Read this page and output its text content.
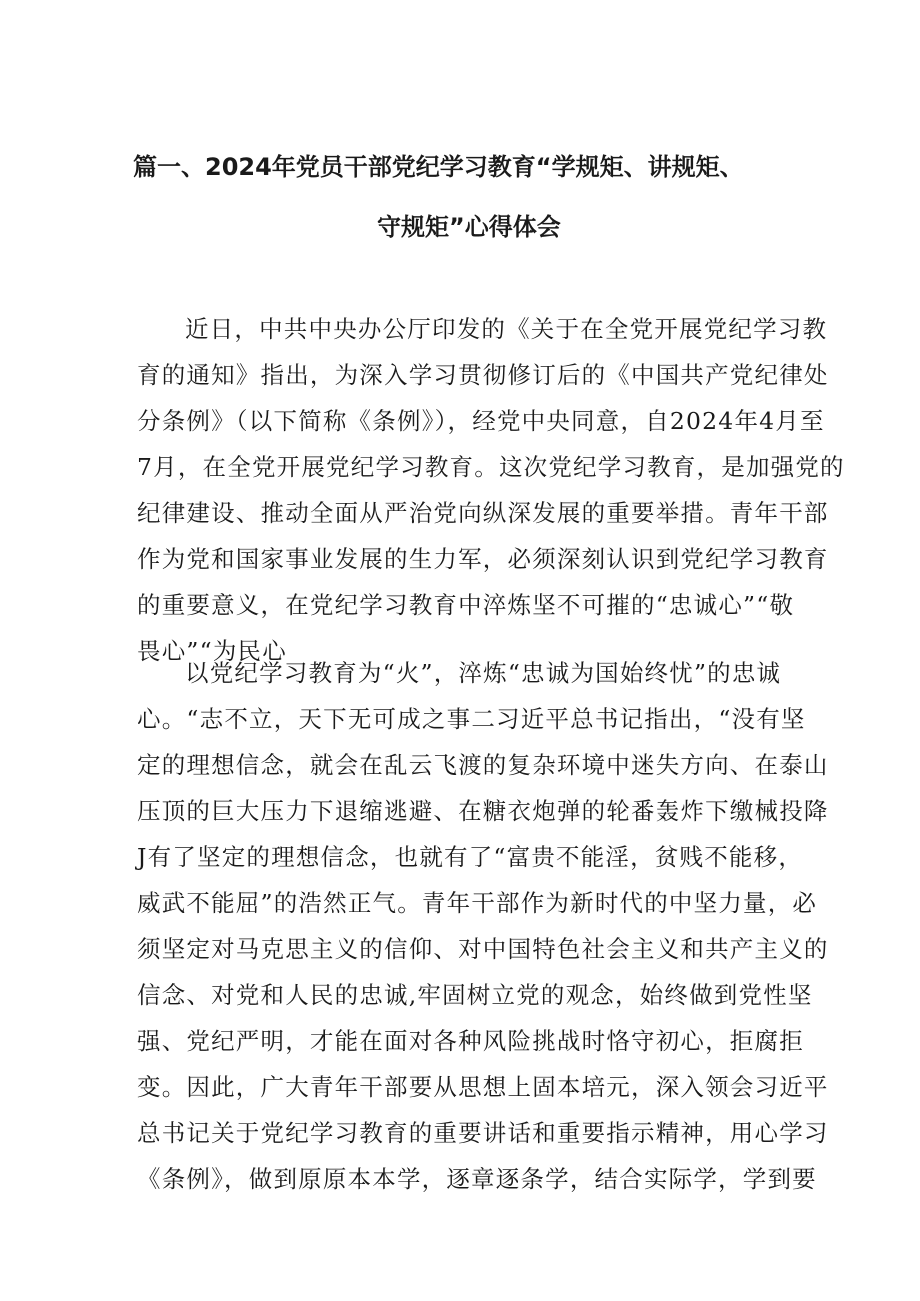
篇一、2024年党员干部党纪学习教育“学规矩、讲规矩、
守规矩”心得体会
近日，中共中央办公厅印发的《关于在全党开展党纪学习教
育的通知》指出，为深入学习贯彻修订后的《中国共产党纪律处
分条例》（以下简称《条例》），经党中央同意，自2024年4月至
7月，在全党开展党纪学习教育。这次党纪学习教育，是加强党的
纪律建设、推动全面从严治党向纵深发展的重要举措。青年干部
作为党和国家事业发展的生力军，必须深刻认识到党纪学习教育
的重要意义，在党纪学习教育中淬炼坚不可摧的“忠诚心”“敬
畏心”“为民心
以党纪学习教育为“火”，淬炼“忠诚为国始终忧”的忠诚
心。“志不立，天下无可成之事二习近平总书记指出，“没有坚
定的理想信念，就会在乱云飞渡的复杂环境中迷失方向、在泰山
压顶的巨大压力下退缩逃避、在糖衣炮弹的轮番轰炸下缴械投降
J有了坚定的理想信念，也就有了“富贵不能淫，贫贱不能移，
威武不能屈”的浩然正气。青年干部作为新时代的中坚力量，必
须坚定对马克思主义的信仰、对中国特色社会主义和共产主义的
信念、对党和人民的忠诚,牢固树立党的观念，始终做到党性坚
强、党纪严明，才能在面对各种风险挑战时恪守初心，拒腐拒
变。因此，广大青年干部要从思想上固本培元，深入领会习近平
总书记关于党纪学习教育的重要讲话和重要指示精神，用心学习
《条例》，做到原原本本学，逐章逐条学，结合实际学，学到要
